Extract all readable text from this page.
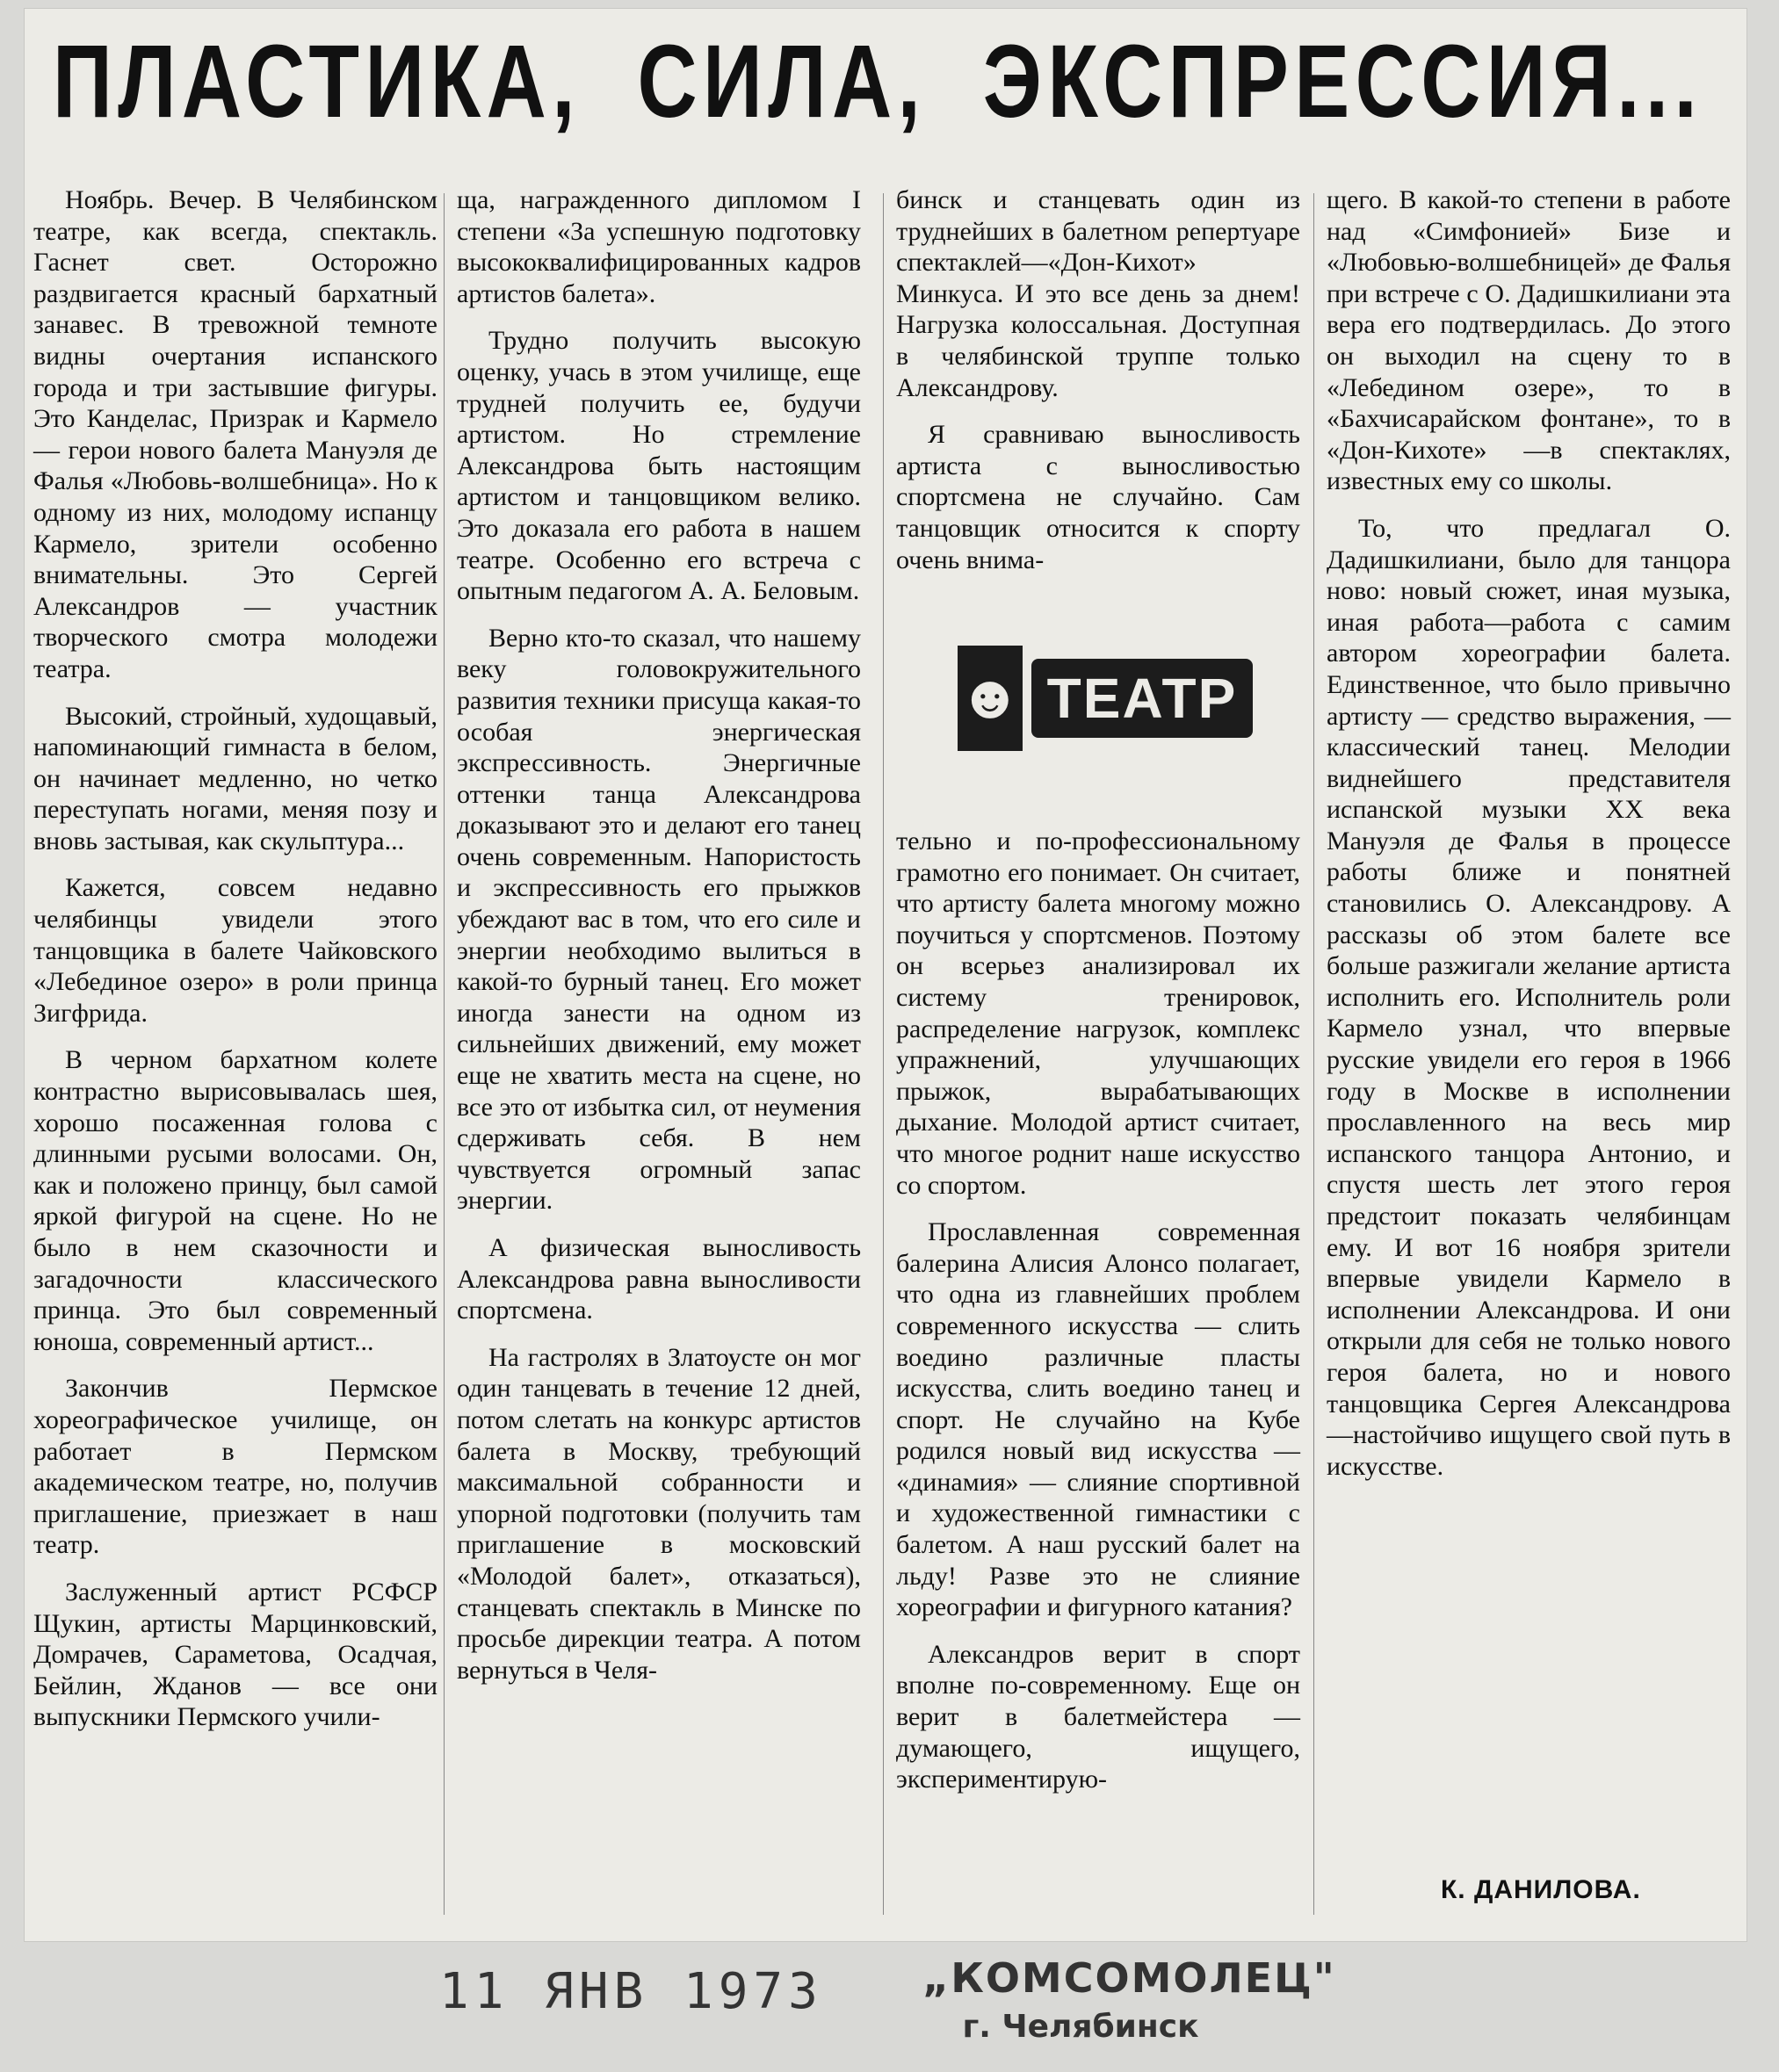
ПЛАСТИКА, СИЛА, ЭКСПРЕССИЯ...

Ноябрь. Вечер. В Челябинском театре, как всегда, спектакль. Гаснет свет. Осторожно раздвигается красный бархатный занавес. В тревожной темноте видны очертания испанского города и три застывшие фигуры. Это Канделас, Призрак и Кармело — герои нового балета Мануэля де Фалья «Любовь-волшебница». Но к одному из них, молодому испанцу Кармело, зрители особенно внимательны. Это Сергей Александров — участник творческого смотра молодежи театра.

Высокий, стройный, худощавый, напоминающий гимнаста в белом, он начинает медленно, но четко переступать ногами, меняя позу и вновь застывая, как скульптура...

Кажется, совсем недавно челябинцы увидели этого танцовщика в балете Чайковского «Лебединое озеро» в роли принца Зигфрида.

В черном бархатном колете контрастно вырисовывалась шея, хорошо посаженная голова с длинными русыми волосами. Он, как и положено принцу, был самой яркой фигурой на сцене. Но не было в нем сказочности и загадочности классического принца. Это был современный юноша, современный артист...

Закончив Пермское хореографическое училище, он работает в Пермском академическом театре, но, получив приглашение, приезжает в наш театр.

Заслуженный артист РСФСР Щукин, артисты Марцинковский, Домрачев, Сараметова, Осадчая, Бейлин, Жданов — все они выпускники Пермского учили-

ща, награжденного дипломом I степени «За успешную подготовку высококвалифицированных кадров артистов балета».

Трудно получить высокую оценку, учась в этом училище, еще трудней получить ее, будучи артистом. Но стремление Александрова быть настоящим артистом и танцовщиком велико. Это доказала его работа в нашем театре. Особенно его встреча с опытным педагогом А. А. Беловым.

Верно кто-то сказал, что нашему веку головокружительного развития техники присуща какая-то особая энергическая экспрессивность. Энергичные оттенки танца Александрова доказывают это и делают его танец очень современным. Напористость и экспрессивность его прыжков убеждают вас в том, что его силе и энергии необходимо вылиться в какой-то бурный танец. Его может иногда занести на одном из сильнейших движений, ему может еще не хватить места на сцене, но все это от избытка сил, от неумения сдерживать себя. В нем чувствуется огромный запас энергии.

А физическая выносливость Александрова равна выносливости спортсмена.

На гастролях в Златоусте он мог один танцевать в течение 12 дней, потом слетать на конкурс артистов балета в Москву, требующий максимальной собранности и упорной подготовки (получить там приглашение в московский «Молодой балет», отказаться), станцевать спектакль в Минске по просьбе дирекции театра. А потом вернуться в Челя-

бинск и станцевать один из труднейших в балетном репертуаре спектаклей—«Дон-Кихот» Минкуса. И это все день за днем! Нагрузка колоссальная. Доступная в челябинской труппе только Александрову.

Я сравниваю выносливость артиста с выносливостью спортсмена не случайно. Сам танцовщик относится к спорту очень внима-

тельно и по-профессиональному грамотно его понимает. Он считает, что артисту балета многому можно поучиться у спортсменов. Поэтому он всерьез анализировал их систему тренировок, распределение нагрузок, комплекс упражнений, улучшающих прыжок, вырабатывающих дыхание. Молодой артист считает, что многое роднит наше искусство со спортом.

Прославленная современная балерина Алисия Алонсо полагает, что одна из главнейших проблем современного искусства — слить воедино различные пласты искусства, слить воедино танец и спорт. Не случайно на Кубе родился новый вид искусства — «динамия» — слияние спортивной и художественной гимнастики с балетом. А наш русский балет на льду! Разве это не слияние хореографии и фигурного катания?

Александров верит в спорт вполне по-современному. Еще он верит в балетмейстера — думающего, ищущего, экспериментирую-

☻ ТЕАТР

щего. В какой-то степени в работе над «Симфонией» Бизе и «Любовью-волшебницей» де Фалья при встрече с О. Дадишкилиани эта вера его подтвердилась. До этого он выходил на сцену то в «Лебедином озере», то в «Бахчисарайском фонтане», то в «Дон-Кихоте» —в спектаклях, известных ему со школы.

То, что предлагал О. Дадишкилиани, было для танцора ново: новый сюжет, иная музыка, иная работа—работа с самим автором хореографии балета. Единственное, что было привычно артисту — средство выражения, — классический танец. Мелодии виднейшего представителя испанской музыки XX века Мануэля де Фалья в процессе работы ближе и понятней становились О. Александрову. А рассказы об этом балете все больше разжигали желание артиста исполнить его. Исполнитель роли Кармело узнал, что впервые русские увидели его героя в 1966 году в Москве в исполнении прославленного на весь мир испанского танцора Антонио, и спустя шесть лет этого героя предстоит показать челябинцам ему. И вот 16 ноября зрители впервые увидели Кармело в исполнении Александрова. И они открыли для себя не только нового героя балета, но и нового танцовщика Сергея Александрова—настойчиво ищущего свой путь в искусстве.

К. ДАНИЛОВА.
11 ЯНВ 1973 „КОМСОМОЛЕЦ"
г. Челябинск
